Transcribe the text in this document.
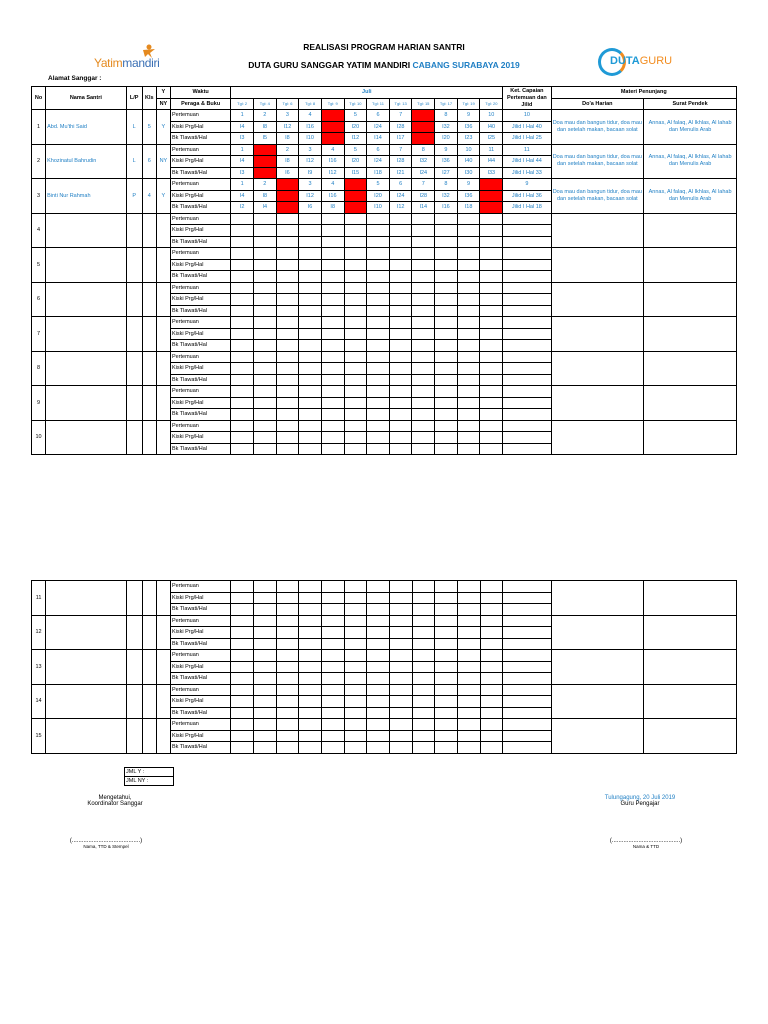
REALISASI PROGRAM HARIAN SANTRI
DUTA GURU SANGGAR YATIM MANDIRI CABANG SURABAYA 2019
Yatimmandiri	DUTAGURU
Alamat Sanggar :
No	Nama Santri	L/P	Kls	Y	Waktu	Juli												Ket. Capaian Pertemuan dan Jilid	Materi Penunjang	
				NY	Peraga & Buku	Tgl: 2	Tgl: 4	Tgl: 6	Tgl: 8	Tgl: 9	Tgl: 10	Tgl: 11	Tgl: 13	Tgl: 15	Tgl: 17	Tgl: 19	Tgl: 20		Do'a Harian	Surat Pendek
1	Abd. Mu'thi Said	L	5	Y	Pertemuan	1	2	3	4		5	6	7		8	9	10	10	Doa mau dan bangun tidur, doa mau dan setelah makan, bacaan solat	Annas, Al falaq, Al Ikhlas, Al lahab dan Menulis Arab
					Kiski Prg/Hal	I4	I8	I12	I16		I20	I24	I28		I32	I36	I40	Jilid I Hal 40		
					Bk Tlawati/Hal	I3	I5	I8	I10		I12	I14	I17		I20	I23	I25	Jilid I Hal 25		
2	Khozinatul Bahrudin	L	6	NY	Pertemuan	1		2	3	4	5	6	7	8	9	10	11	11	Doa mau dan bangun tidur, doa mau dan setelah makan, bacaan solat	Annas, Al falaq, Al Ikhlas, Al lahab dan Menulis Arab
					Kiski Prg/Hal	I4		I8	I12	I16	I20	I24	I28	I32	I36	I40	I44	Jilid I Hal 44		
					Bk Tlawati/Hal	I3		I6	I9	I12	I15	I18	I21	I24	I27	I30	I33	Jilid I Hal 33		
3	Binti Nur Rahmah	P	4	Y	Pertemuan	1	2		3	4		5	6	7	8	9		9	Doa mau dan bangun tidur, doa mau dan setelah makan, bacaan solat	Annas, Al falaq, Al Ikhlas, Al lahab dan Menulis Arab
					Kiski Prg/Hal	I4	I8		I12	I16		I20	I24	I28	I32	I36		Jilid I Hal 36		
					Bk Tlawati/Hal	I2	I4		I6	I8		I10	I12	I14	I16	I18		Jilid I Hal 18		
4					Pertemuan															
					Kiski Prg/Hal															
					Bk Tlawati/Hal															
5					Pertemuan															
					Kiski Prg/Hal															
					Bk Tlawati/Hal															
6					Pertemuan															
					Kiski Prg/Hal															
					Bk Tlawati/Hal															
7					Pertemuan															
					Kiski Prg/Hal															
					Bk Tlawati/Hal															
8					Pertemuan															
					Kiski Prg/Hal															
					Bk Tlawati/Hal															
9					Pertemuan															
					Kiski Prg/Hal															
					Bk Tlawati/Hal															
10					Pertemuan															
					Kiski Prg/Hal															
					Bk Tlawati/Hal															
11					Pertemuan															
					Kiski Prg/Hal															
					Bk Tlawati/Hal															
12					Pertemuan															
					Kiski Prg/Hal															
					Bk Tlawati/Hal															
13					Pertemuan															
					Kiski Prg/Hal															
					Bk Tlawati/Hal															
14					Pertemuan															
					Kiski Prg/Hal															
					Bk Tlawati/Hal															
15					Pertemuan															
					Kiski Prg/Hal															
					Bk Tlawati/Hal															
JML Y :
JML NY :
Mengetahui,
Koordinator Sanggar
(.........................................)
Nama, TTD & Stempel
Tulungagung, 20 Juli 2019
Guru Pengajar
(.........................................)
Nama & TTD
